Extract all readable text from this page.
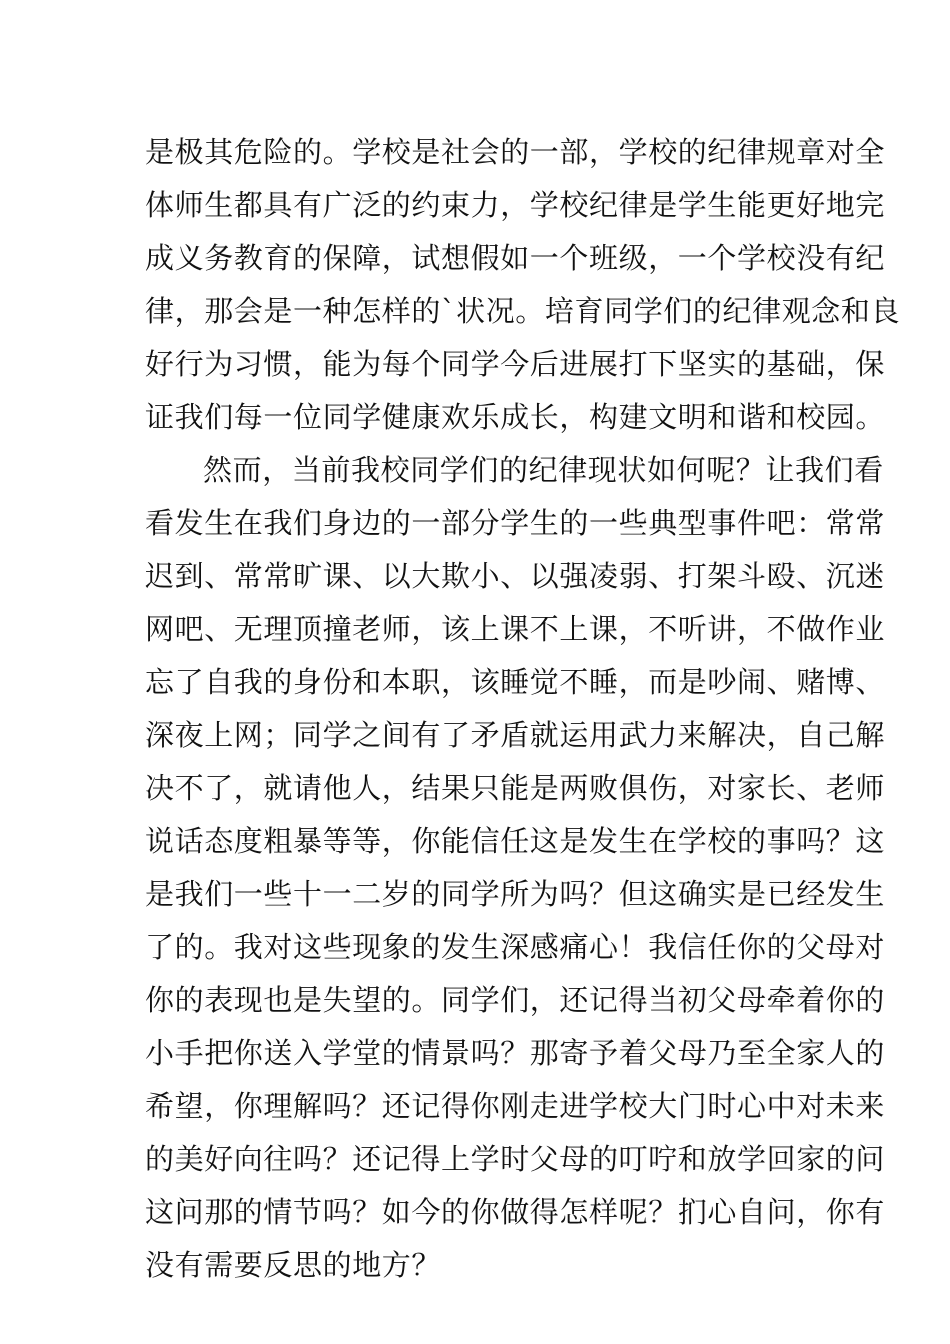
是极其危险的。学校是社会的一部，学校的纪律规章对全
体师生都具有广泛的约束力，学校纪律是学生能更好地完
成义务教育的保障，试想假如一个班级，一个学校没有纪
律，那会是一种怎样的`状况。培育同学们的纪律观念和良
好行为习惯，能为每个同学今后进展打下坚实的基础，保
证我们每一位同学健康欢乐成长，构建文明和谐和校园。
然而，当前我校同学们的纪律现状如何呢？让我们看
看发生在我们身边的一部分学生的一些典型事件吧：常常
迟到、常常旷课、以大欺小、以强凌弱、打架斗殴、沉迷
网吧、无理顶撞老师，该上课不上课，不听讲，不做作业
忘了自我的身份和本职，该睡觉不睡，而是吵闹、赌博、
深夜上网；同学之间有了矛盾就运用武力来解决，自己解
决不了，就请他人，结果只能是两败俱伤，对家长、老师
说话态度粗暴等等，你能信任这是发生在学校的事吗？这
是我们一些十一二岁的同学所为吗？但这确实是已经发生
了的。我对这些现象的发生深感痛心！我信任你的父母对
你的表现也是失望的。同学们，还记得当初父母牵着你的
小手把你送入学堂的情景吗？那寄予着父母乃至全家人的
希望，你理解吗？还记得你刚走进学校大门时心中对未来
的美好向往吗？还记得上学时父母的叮咛和放学回家的问
这问那的情节吗？如今的你做得怎样呢？扪心自问，你有
没有需要反思的地方？
